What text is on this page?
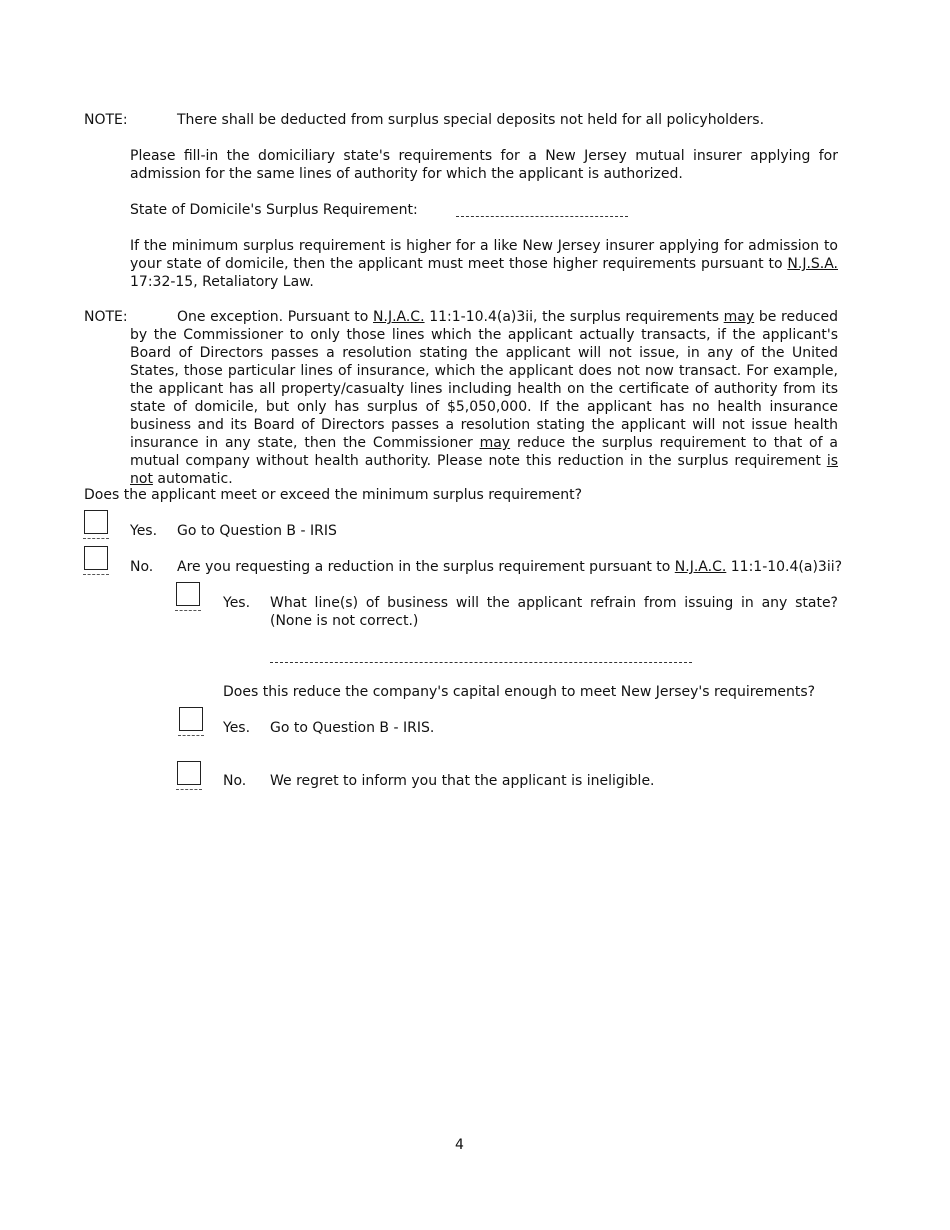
NOTE:	There shall be deducted from surplus special deposits not held for all policyholders.
Please fill-in the domiciliary state's requirements for a New Jersey mutual insurer applying for admission for the same lines of authority for which the applicant is authorized.
State of Domicile's Surplus Requirement:
If the minimum surplus requirement is higher for a like New Jersey insurer applying for admission to your state of domicile, then the applicant must meet those higher requirements pursuant to N.J.S.A. 17:32-15, Retaliatory Law.
NOTE:	One exception. Pursuant to N.J.A.C. 11:1-10.4(a)3ii, the surplus requirements may be reduced by the Commissioner to only those lines which the applicant actually transacts, if the applicant's Board of Directors passes a resolution stating the applicant will not issue, in any of the United States, those particular lines of insurance, which the applicant does not now transact. For example, the applicant has all property/casualty lines including health on the certificate of authority from its state of domicile, but only has surplus of $5,050,000. If the applicant has no health insurance business and its Board of Directors passes a resolution stating the applicant will not issue health insurance in any state, then the Commissioner may reduce the surplus requirement to that of a mutual company without health authority. Please note this reduction in the surplus requirement is not automatic.
Does the applicant meet or exceed the minimum surplus requirement?
Yes. Go to Question B - IRIS
No. Are you requesting a reduction in the surplus requirement pursuant to N.J.A.C. 11:1-10.4(a)3ii?
Yes. What line(s) of business will the applicant refrain from issuing in any state? (None is not correct.)
Does this reduce the company's capital enough to meet New Jersey's requirements?
Yes. Go to Question B - IRIS.
No. We regret to inform you that the applicant is ineligible.
4
